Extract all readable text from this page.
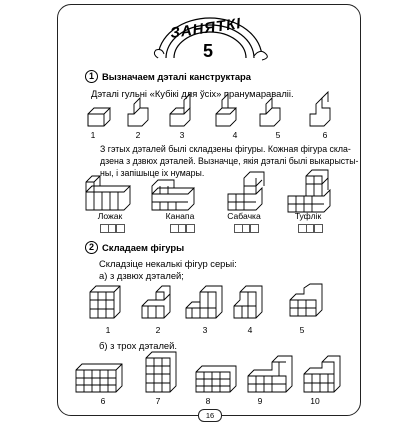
ЗАНЯТКІ
5
1 Вызначаем дэталі канструктара
Дэталі гульні «Кубікі для ўсіх» пранумараваліі.
1	2	3	4	5	6
З гэтых дэталей былі складзены фігуры. Кожная фігура скла-
дзена з дзвюх дэталей. Вызначце, якія дэталі былі выкарысты-
ны, і запішыце іх нумары.
Ложак	Канапа	Сабачка	Туфлік
2 Складаем фігуры
Складзіце некалькі фігур серыі:
а) з дзвюх дэталей;
1	2	3	4	5
б) з трох дэталей.
6	7	8	9	10
16
